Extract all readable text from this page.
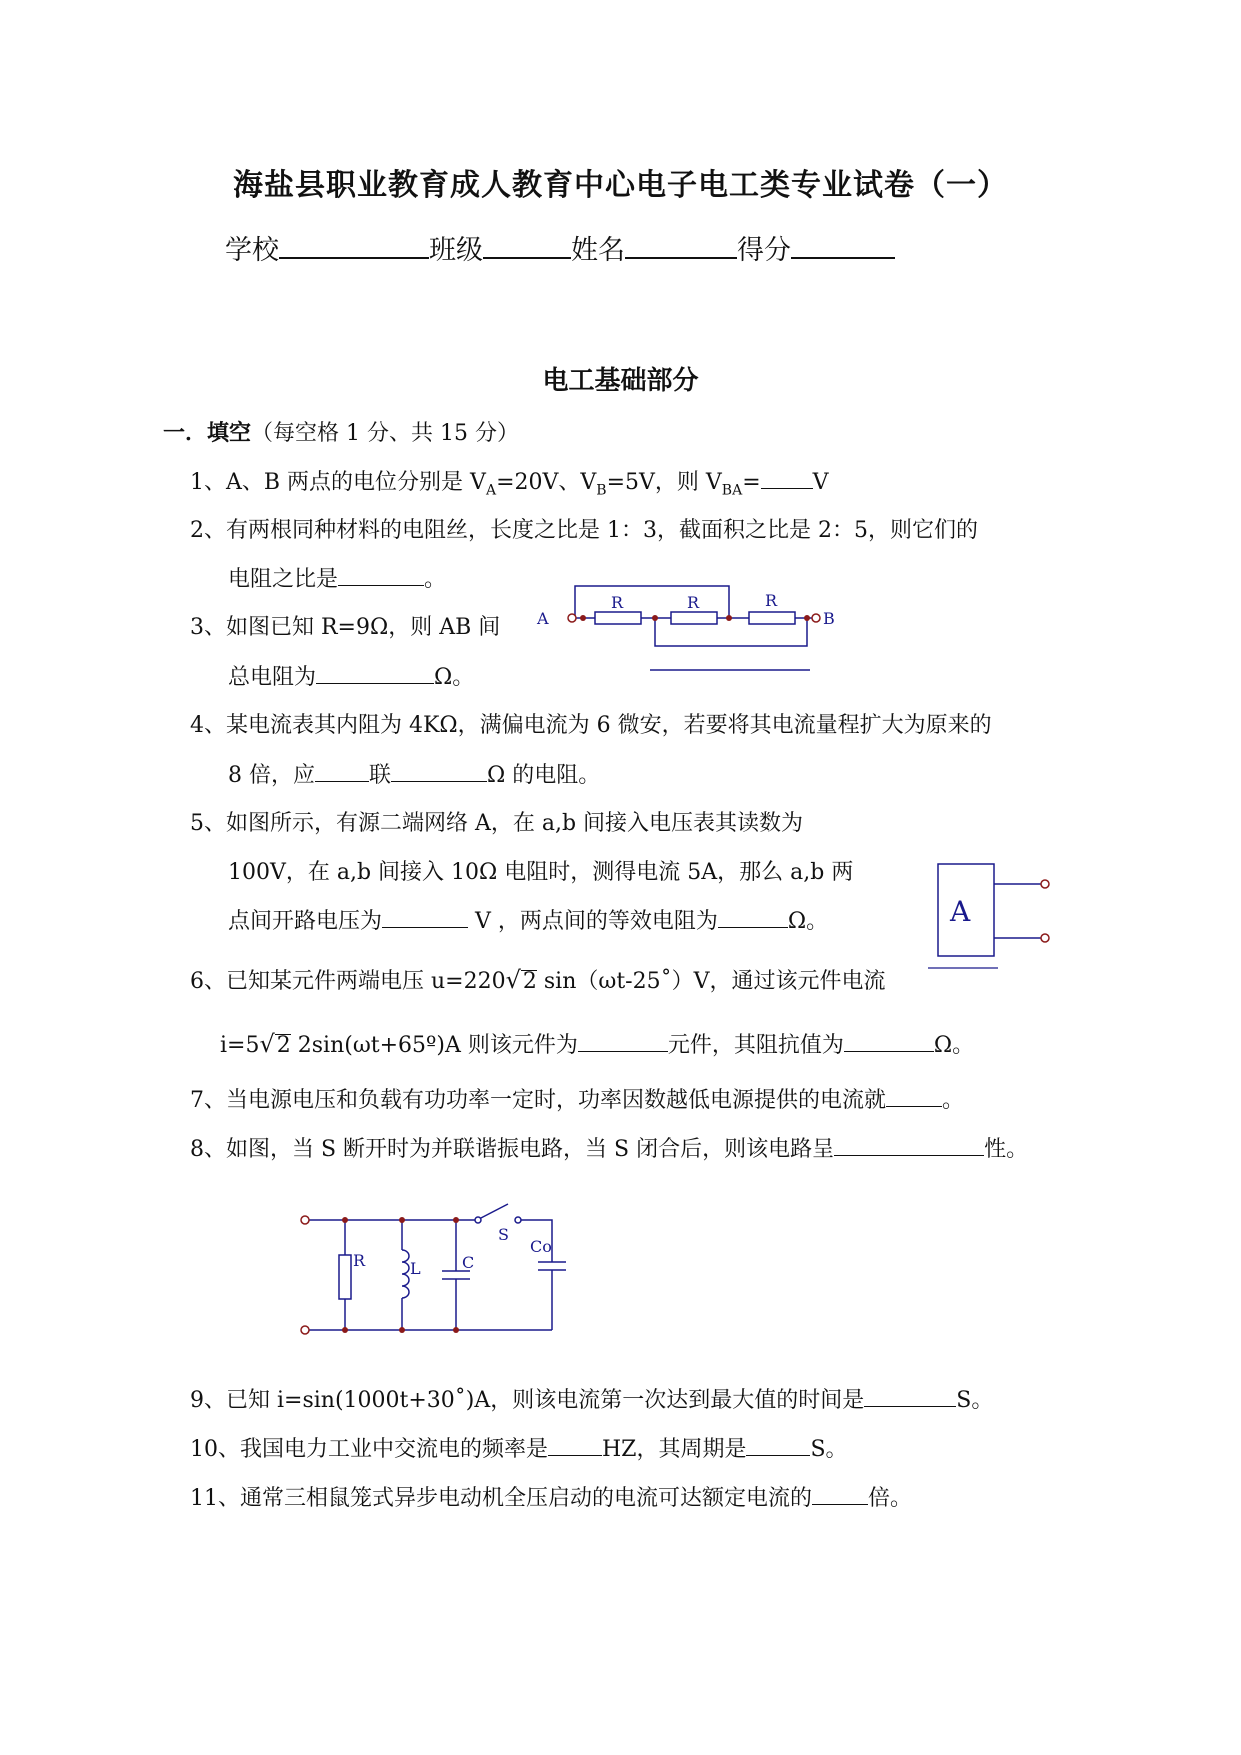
海盐县职业教育成人教育中心电子电工类专业试卷（一）
学校	班级	姓名	得分
电工基础部分
一．填空（每空格 1 分、共 15 分）
1、A、B 两点的电位分别是 $V_A=20V$、$V_B=5V$，则 $V_{BA}= V$
2、有两根同种材料的电阻丝，长度之比是 1：3，截面积之比是 2：5，则它们的
电阻之比是	。
3、如图已知 R=9Ω，则 AB 间
总电阻为	Ω。
A	B
R	R	R
4、某电流表其内阻为 4KΩ，满偏电流为 6 微安，若要将其电流量程扩大为原来的
8 倍，应 联	Ω 的电阻。
5、如图所示，有源二端网络 A，在 a,b 间接入电压表其读数为
100V，在 a,b 间接入 10Ω 电阻时，测得电流 5A，那么 a,b 两
点间开路电压为	V ，两点间的等效电阻为	Ω。	A
6、已知某元件两端电压 u=220√2 sin（ωt-25˚）V，通过该元件电流
i=5√2 2sin(ωt+65º)A 则该元件为	元件，其阻抗值为	Ω。
7、当电源电压和负载有功功率一定时，功率因数越低电源提供的电流就	。
8、如图，当 S 断开时为并联谐振电路，当 S 闭合后，则该电路呈	性。
R	L	C
S
Co
9、已知 i=sin(1000t+30˚)A，则该电流第一次达到最大值的时间是	S。
10、我国电力工业中交流电的频率是 HZ，其周期是	S。
11、通常三相鼠笼式异步电动机全压启动的电流可达额定电流的	倍。
